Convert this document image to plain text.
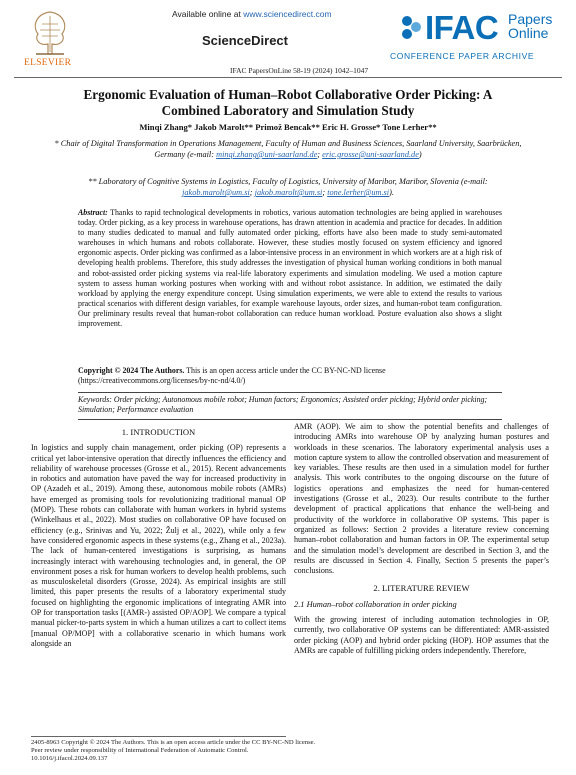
ELSEVIER
Available online at www.sciencedirect.com
ScienceDirect	IFAC Papers
Online
CONFERENCE PAPER ARCHIVE
IFAC PapersOnLine 58-19 (2024) 1042–1047
Ergonomic Evaluation of Human–Robot Collaborative Order Picking: A
Combined Laboratory and Simulation Study
Minqi Zhang* Jakob Marolt** Primož Bencak** Eric H. Grosse* Tone Lerher**
* Chair of Digital Transformation in Operations Management, Faculty of Human and Business Sciences, Saarland University, Saarbrücken, Germany (e-mail: minqi.zhang@uni-saarland.de; eric.grosse@uni-saarland.de)
** Laboratory of Cognitive Systems in Logistics, Faculty of Logistics, University of Maribor, Maribor, Slovenia (e-mail: jakob.marolt@um.si; jakob.marolt@um.si; tone.lerher@um.si).
Abstract: Thanks to rapid technological developments in robotics, various automation technologies are being applied in warehouses today. Order picking, as a key process in warehouse operations, has drawn attention in academia and practice for decades. In addition to many studies dedicated to manual and fully automated order picking, efforts have also been made to study semi-automated warehouses in which humans and robots collaborate. However, these studies mostly focused on system efficiency and ignored ergonomic aspects. Order picking was confirmed as a labor-intensive process in an environment in which workers are at a high risk of developing health problems. Therefore, this study addresses the investigation of physical human working conditions in both manual and robot-assisted order picking systems via real-life laboratory experiments and simulation modeling. We used a motion capture system to assess human working postures when working with and without robot assistance. In addition, we estimated the daily workload by applying the energy expenditure concept. Using simulation experiments, we were able to extend the results to various practical scenarios with different design variables, for example warehouse layouts, order sizes, and human-robot team configuration. Our preliminary results reveal that human-robot collaboration can reduce human workload. Posture evaluation also shows a slight improvement.
Copyright © 2024 The Authors. This is an open access article under the CC BY-NC-ND license (https://creativecommons.org/licenses/by-nc-nd/4.0/)
Keywords: Order picking; Autonomous mobile robot; Human factors; Ergonomics; Assisted order picking; Hybrid order picking; Simulation; Performance evaluation
1. INTRODUCTION
In logistics and supply chain management, order picking (OP) represents a critical yet labor-intensive operation that directly influences the efficiency and reliability of warehouse processes (Grosse et al., 2015). Recent advancements in robotics and automation have paved the way for increased productivity in OP (Azadeh et al., 2019). Among these, autonomous mobile robots (AMRs) have emerged as promising tools for revolutionizing traditional manual OP (MOP). These robots can collaborate with human workers in hybrid systems (Winkelhaus et al., 2022). Most studies on collaborative OP have focused on efficiency (e.g., Srinivas and Yu, 2022; Žulj et al., 2022), while only a few have considered ergonomic aspects in these systems (e.g., Zhang et al., 2023a). The lack of human-centered investigations is surprising, as humans increasingly interact with warehousing technologies and, in general, the OP environment poses a risk for human workers to develop health problems, such as musculoskeletal disorders (Grosse, 2024). As empirical insights are still limited, this paper presents the results of a laboratory experimental study focused on highlighting the ergonomic implications of integrating AMR into OP for transportation tasks [(AMR-) assisted OP/AOP]. We compare a typical manual picker-to-parts system in which a human utilizes a cart to collect items [manual OP/MOP] with a collaborative scenario in which humans work alongside an
AMR (AOP). We aim to show the potential benefits and challenges of introducing AMRs into warehouse OP by analyzing human postures and workloads in these scenarios. The laboratory experimental analysis uses a motion capture system to allow the controlled observation and measurement of key variables. These results are then used in a simulation model for further analysis. This work contributes to the ongoing discourse on the future of logistics operations and emphasizes the need for human-centered investigations (Grosse et al., 2023). Our results contribute to the further development of practical applications that enhance the well-being and productivity of the workforce in collaborative OP systems. This paper is organized as follows: Section 2 provides a literature review concerning human–robot collaboration and human factors in OP. The experimental setup and the simulation model’s development are described in Section 3, and the results are discussed in Section 4. Finally, Section 5 presents the paper’s conclusions.
2. LITERATURE REVIEW
2.1 Human–robot collaboration in order picking
With the growing interest of including automation technologies in OP, currently, two collaborative OP systems can be differentiated: AMR-assisted order picking (AOP) and hybrid order picking (HOP). HOP assumes that the AMRs are capable of fulfilling picking orders independently. Therefore,
2405-8963 Copyright © 2024 The Authors. This is an open access article under the CC BY-NC-ND license.
Peer review under responsibility of International Federation of Automatic Control.
10.1016/j.ifacol.2024.09.137
